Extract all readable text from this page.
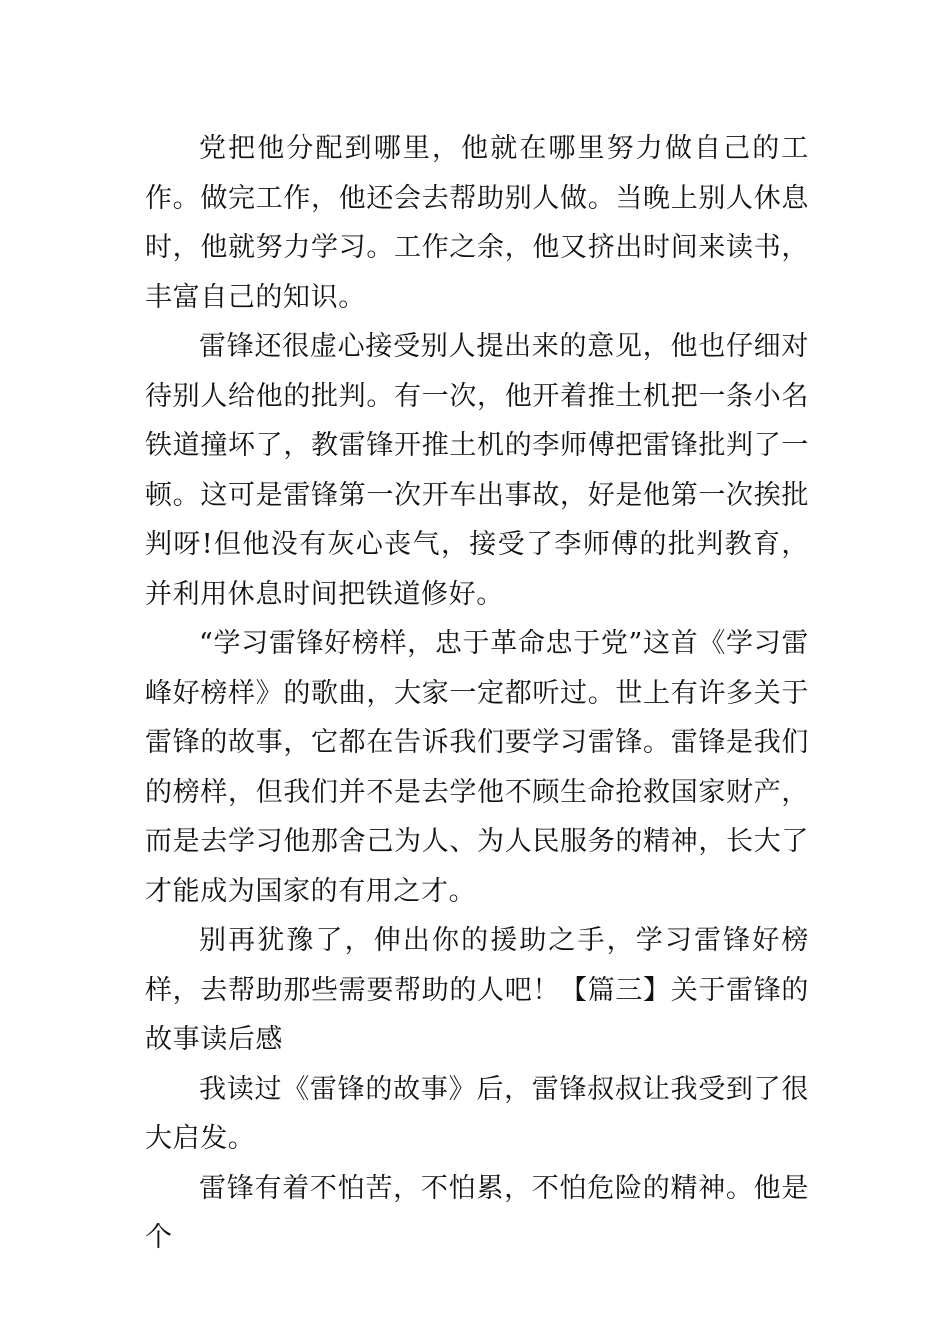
党把他分配到哪里，他就在哪里努力做自己的工作。做完工作，他还会去帮助别人做。当晚上别人休息时，他就努力学习。工作之余，他又挤出时间来读书，丰富自己的知识。

雷锋还很虚心接受别人提出来的意见，他也仔细对待别人给他的批判。有一次，他开着推土机把一条小名铁道撞坏了，教雷锋开推土机的李师傅把雷锋批判了一顿。这可是雷锋第一次开车出事故，好是他第一次挨批判呀!但他没有灰心丧气，接受了李师傅的批判教育，并利用休息时间把铁道修好。

“学习雷锋好榜样，忠于革命忠于党”这首《学习雷峰好榜样》的歌曲，大家一定都听过。世上有许多关于雷锋的故事，它都在告诉我们要学习雷锋。雷锋是我们的榜样，但我们并不是去学他不顾生命抢救国家财产，而是去学习他那舍己为人、为人民服务的精神，长大了才能成为国家的有用之才。

别再犹豫了，伸出你的援助之手，学习雷锋好榜样，去帮助那些需要帮助的人吧！【篇三】关于雷锋的故事读后感

我读过《雷锋的故事》后，雷锋叔叔让我受到了很大启发。

雷锋有着不怕苦，不怕累，不怕危险的精神。他是个
